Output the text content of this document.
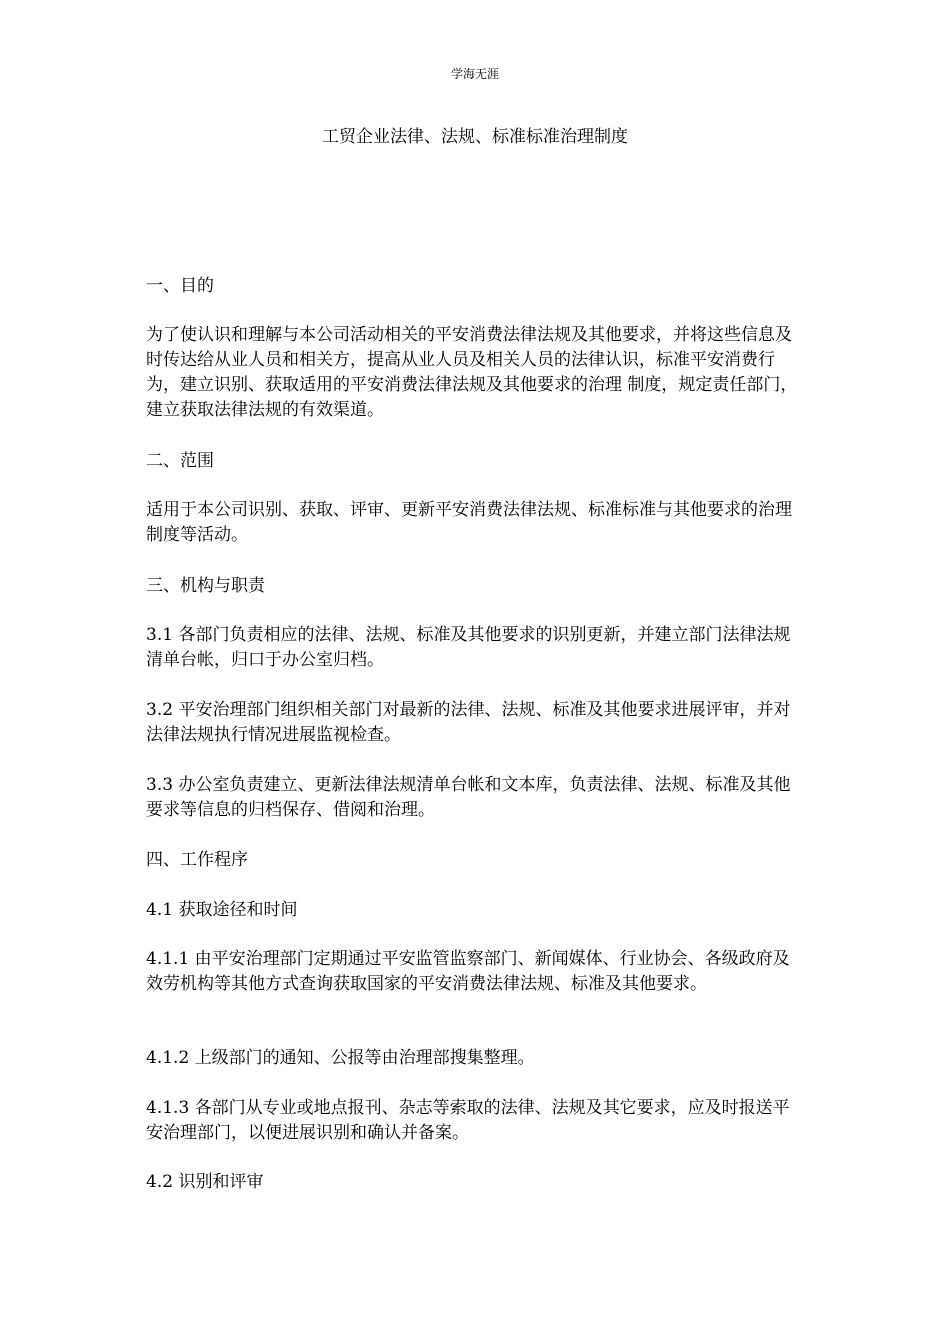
学海无涯
工贸企业法律、法规、标准标准治理制度

一、目的

为了使认识和理解与本公司活动相关的平安消费法律法规及其他要求，并将这些信息及时传达给从业人员和相关方，提高从业人员及相关人员的法律认识，标准平安消费行为，建立识别、获取适用的平安消费法律法规及其他要求的治理 制度，规定责任部门，建立获取法律法规的有效渠道。

二、范围

适用于本公司识别、获取、评审、更新平安消费法律法规、标准标准与其他要求的治理制度等活动。

三、机构与职责

3.1 各部门负责相应的法律、法规、标准及其他要求的识别更新，并建立部门法律法规清单台帐，归口于办公室归档。

3.2 平安治理部门组织相关部门对最新的法律、法规、标准及其他要求进展评审，并对法律法规执行情况进展监视检查。

3.3 办公室负责建立、更新法律法规清单台帐和文本库，负责法律、法规、标准及其他要求等信息的归档保存、借阅和治理。

四、工作程序

4.1 获取途径和时间

4.1.1 由平安治理部门定期通过平安监管监察部门、新闻媒体、行业协会、各级政府及效劳机构等其他方式查询获取国家的平安消费法律法规、标准及其他要求。

4.1.2 上级部门的通知、公报等由治理部搜集整理。

4.1.3 各部门从专业或地点报刊、杂志等索取的法律、法规及其它要求，应及时报送平安治理部门，以便进展识别和确认并备案。

4.2 识别和评审
